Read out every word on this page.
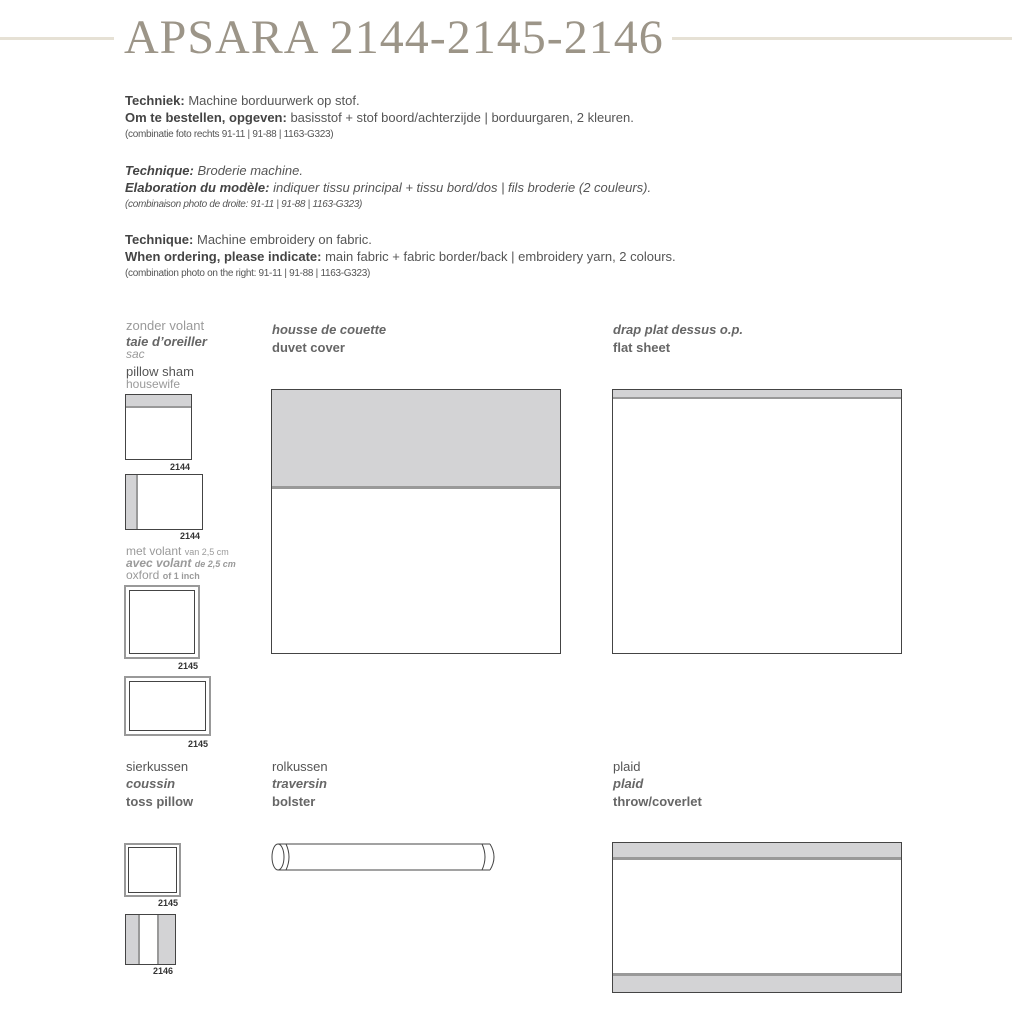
APSARA 2144-2145-2146
Techniek: Machine borduurwerk op stof.
Om te bestellen, opgeven: basisstof + stof boord/achterzijde | borduurgaren, 2 kleuren.
(combinatie foto rechts 91-11 | 91-88 | 1163-G323)
Technique: Broderie machine.
Elaboration du modèle: indiquer tissu principal + tissu bord/dos | fils broderie (2 couleurs).
(combinaison photo de droite: 91-11 | 91-88 | 1163-G323)
Technique: Machine embroidery on fabric.
When ordering, please indicate: main fabric + fabric border/back | embroidery yarn, 2 colours.
(combination photo on the right: 91-11 | 91-88 | 1163-G323)
zonder volant
taie d’oreiller
sac
pillow sham
housewife
2144
2144
met volant van 2,5 cm
avec volant de 2,5 cm
oxford of 1 inch
2145
2145
housse de couette
duvet cover
drap plat dessus o.p.
flat sheet
sierkussen
coussin
toss pillow
2145
2146
rolkussen
traversin
bolster
plaid
plaid
throw/coverlet
